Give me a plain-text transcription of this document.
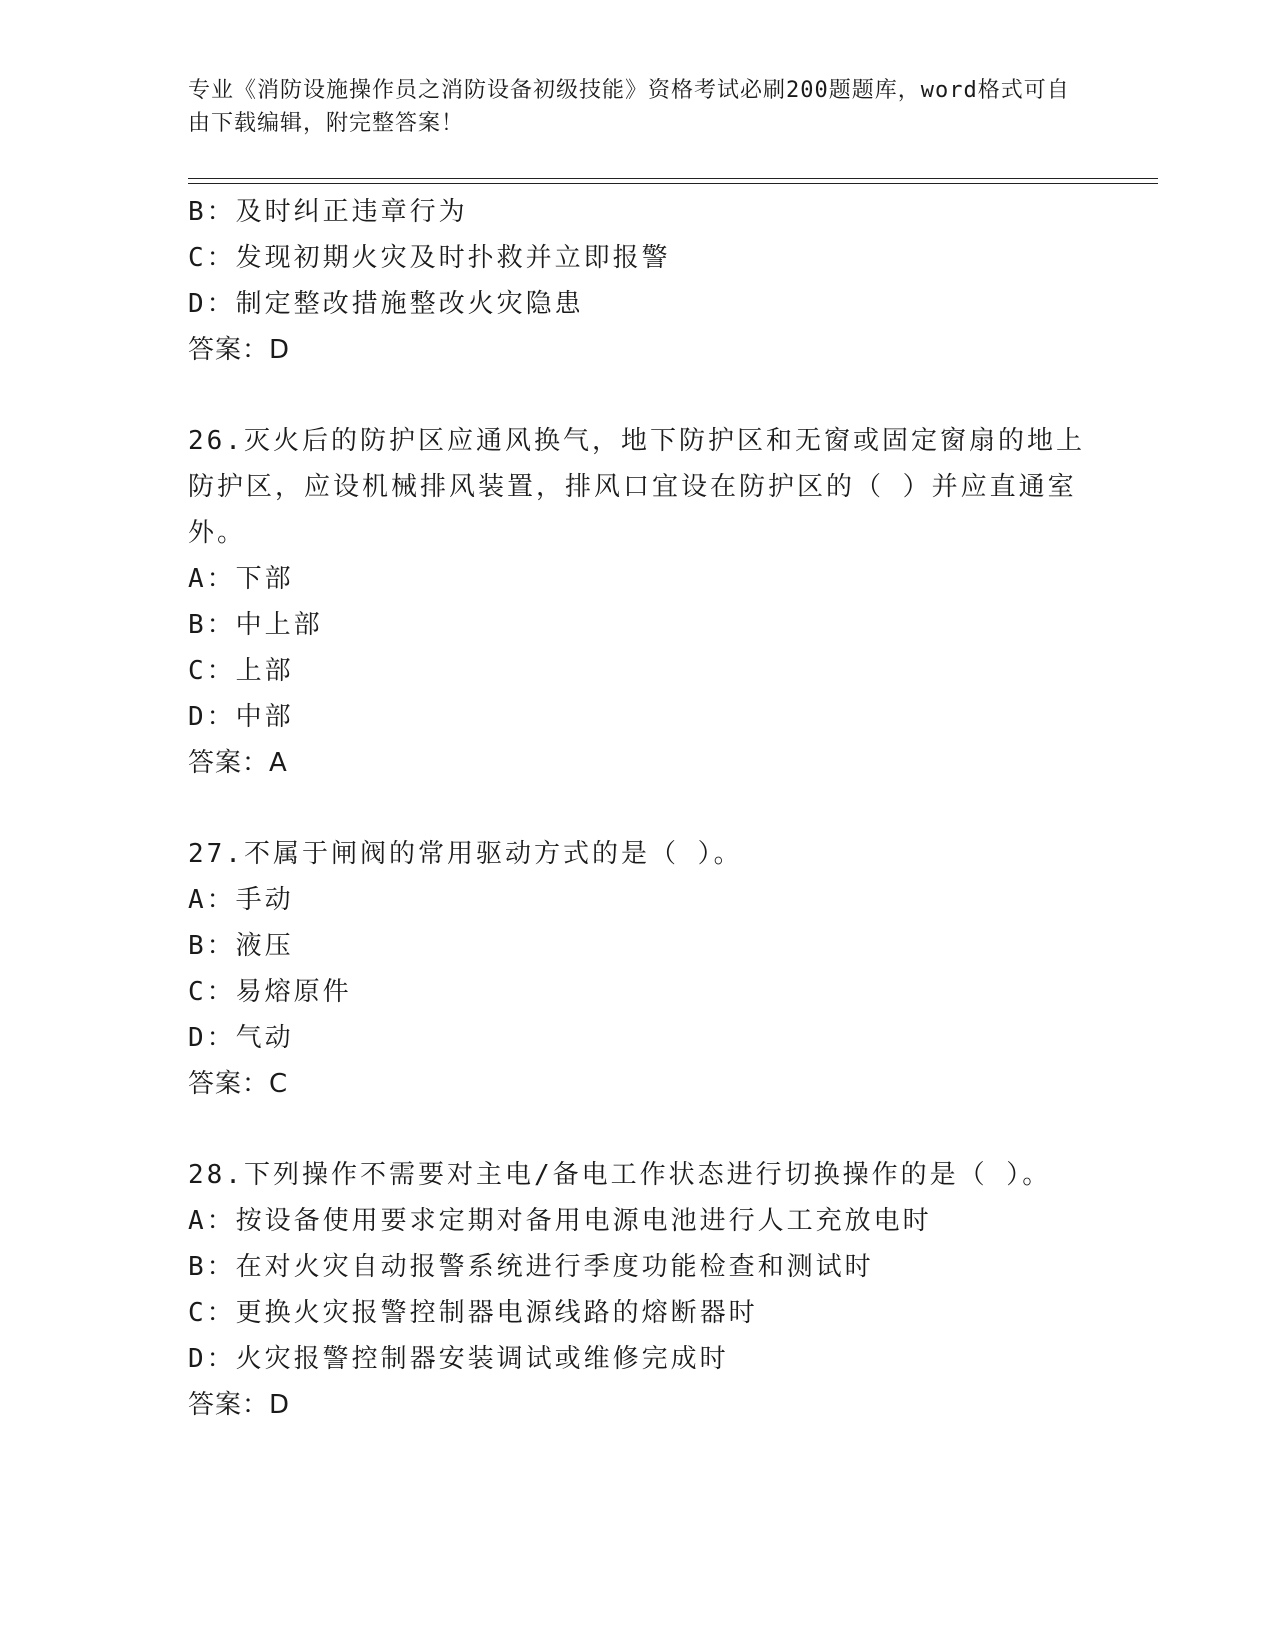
专业《消防设施操作员之消防设备初级技能》资格考试必刷200题题库，word格式可自由下载编辑，附完整答案！
B：及时纠正违章行为
C：发现初期火灾及时扑救并立即报警
D：制定整改措施整改火灾隐患
答案：D
26.灭火后的防护区应通风换气，地下防护区和无窗或固定窗扇的地上防护区，应设机械排风装置，排风口宜设在防护区的（ ）并应直通室外。
A：下部
B：中上部
C：上部
D：中部
答案：A
27.不属于闸阀的常用驱动方式的是（ ）。
A：手动
B：液压
C：易熔原件
D：气动
答案：C
28.下列操作不需要对主电/备电工作状态进行切换操作的是（ ）。
A：按设备使用要求定期对备用电源电池进行人工充放电时
B：在对火灾自动报警系统进行季度功能检查和测试时
C：更换火灾报警控制器电源线路的熔断器时
D：火灾报警控制器安装调试或维修完成时
答案：D
